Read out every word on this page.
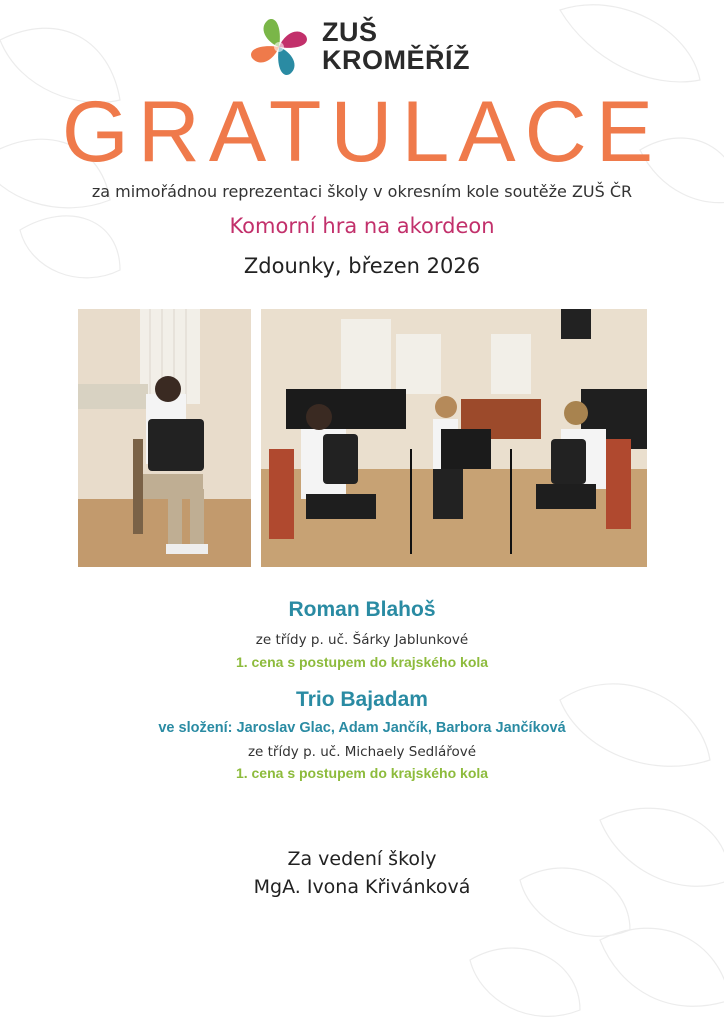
ZUŠ
KROMĚŘÍŽ
GRATULACE
za mimořádnou reprezentaci školy v okresním kole soutěže ZUŠ ČR
Komorní hra na akordeon
Zdounky, březen 2026
Roman Blahoš
ze třídy p. uč. Šárky Jablunkové
1. cena s postupem do krajského kola
Trio Bajadam
ve složení: Jaroslav Glac, Adam Jančík, Barbora Jančíková
ze třídy p. uč. Michaely Sedlářové
1. cena s postupem do krajského kola
Za vedení školy
MgA. Ivona Křivánková
